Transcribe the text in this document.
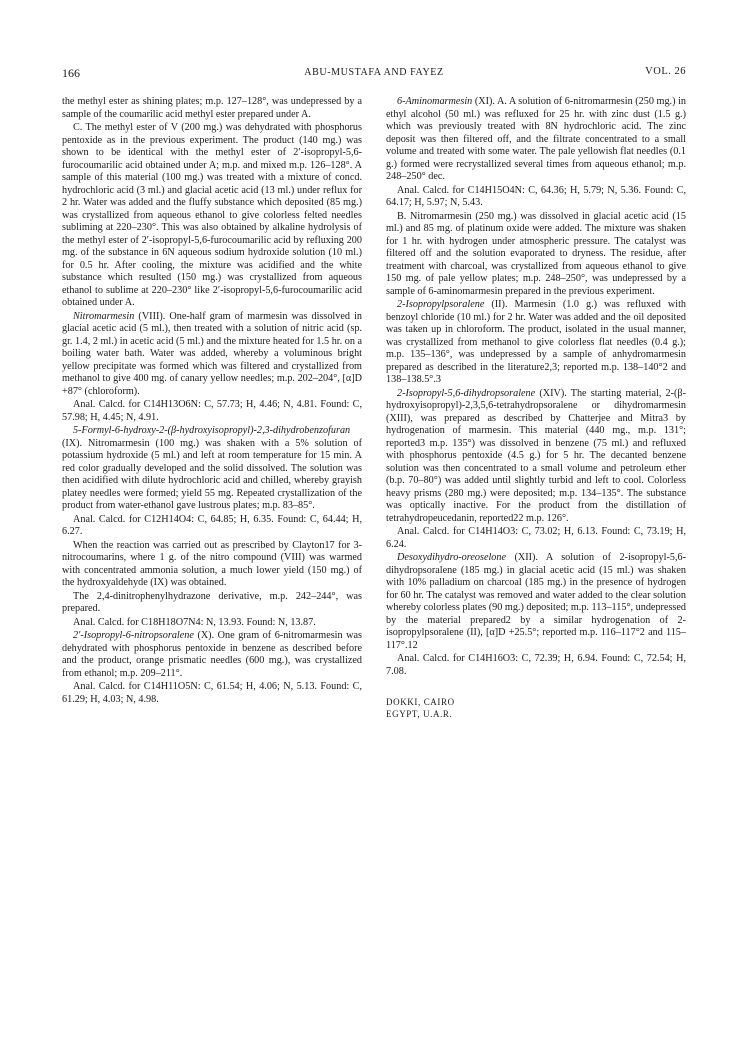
166	ABU-MUSTAFA AND FAYEZ	VOL. 26

the methyl ester as shining plates; m.p. 127–128°, was undepressed by a sample of the coumarilic acid methyl ester prepared under A.

C. The methyl ester of V (200 mg.) was dehydrated with phosphorus pentoxide as in the previous experiment. The product (140 mg.) was shown to be identical with the methyl ester of 2′-isopropyl-5,6-furocoumarilic acid obtained under A; m.p. and mixed m.p. 126–128°. A sample of this material (100 mg.) was treated with a mixture of concd. hydrochloric acid (3 ml.) and glacial acetic acid (13 ml.) under reflux for 2 hr. Water was added and the fluffy substance which deposited (85 mg.) was crystallized from aqueous ethanol to give colorless felted needles subliming at 220–230°. This was also obtained by alkaline hydrolysis of the methyl ester of 2′-isopropyl-5,6-furocoumarilic acid by refluxing 200 mg. of the substance in 6N aqueous sodium hydroxide solution (10 ml.) for 0.5 hr. After cooling, the mixture was acidified and the white substance which resulted (150 mg.) was crystallized from aqueous ethanol to sublime at 220–230° like 2′-isopropyl-5,6-furocoumarilic acid obtained under A.

Nitromarmesin (VIII). One-half gram of marmesin was dissolved in glacial acetic acid (5 ml.), then treated with a solution of nitric acid (sp. gr. 1.4, 2 ml.) in acetic acid (5 ml.) and the mixture heated for 1.5 hr. on a boiling water bath. Water was added, whereby a voluminous bright yellow precipitate was formed which was filtered and crystallized from methanol to give 400 mg. of canary yellow needles; m.p. 202–204°, [α]D +87° (chloroform).

Anal. Calcd. for C14H13O6N: C, 57.73; H, 4.46; N, 4.81. Found: C, 57.98; H, 4.45; N, 4.91.

5-Formyl-6-hydroxy-2-(β-hydroxyisopropyl)-2,3-dihydrobenzofuran (IX). Nitromarmesin (100 mg.) was shaken with a 5% solution of potassium hydroxide (5 ml.) and left at room temperature for 15 min. A red color gradually developed and the solid dissolved. The solution was then acidified with dilute hydrochloric acid and chilled, whereby grayish platey needles were formed; yield 55 mg. Repeated crystallization of the product from water-ethanol gave lustrous plates; m.p. 83–85°.

Anal. Calcd. for C12H14O4: C, 64.85; H, 6.35. Found: C, 64.44; H, 6.27.

When the reaction was carried out as prescribed by Clayton17 for 3-nitrocoumarins, where 1 g. of the nitro compound (VIII) was warmed with concentrated ammonia solution, a much lower yield (150 mg.) of the hydroxyaldehyde (IX) was obtained.

The 2,4-dinitrophenylhydrazone derivative, m.p. 242–244°, was prepared.

Anal. Calcd. for C18H18O7N4: N, 13.93. Found: N, 13.87.

2′-Isopropyl-6-nitropsoralene (X). One gram of 6-nitromarmesin was dehydrated with phosphorus pentoxide in benzene as described before and the product, orange prismatic needles (600 mg.), was crystallized from ethanol; m.p. 209–211°.

Anal. Calcd. for C14H11O5N: C, 61.54; H, 4.06; N, 5.13. Found: C, 61.29; H, 4.03; N, 4.98.

6-Aminomarmesin (XI). A. A solution of 6-nitromarmesin (250 mg.) in ethyl alcohol (50 ml.) was refluxed for 25 hr. with zinc dust (1.5 g.) which was previously treated with 8N hydrochloric acid. The zinc deposit was then filtered off, and the filtrate concentrated to a small volume and treated with some water. The pale yellowish flat needles (0.1 g.) formed were recrystallized several times from aqueous ethanol; m.p. 248–250° dec.

Anal. Calcd. for C14H15O4N: C, 64.36; H, 5.79; N, 5.36. Found: C, 64.17; H, 5.97; N, 5.43.

B. Nitromarmesin (250 mg.) was dissolved in glacial acetic acid (15 ml.) and 85 mg. of platinum oxide were added. The mixture was shaken for 1 hr. with hydrogen under atmospheric pressure. The catalyst was filtered off and the solution evaporated to dryness. The residue, after treatment with charcoal, was crystallized from aqueous ethanol to give 150 mg. of pale yellow plates; m.p. 248–250°, was undepressed by a sample of 6-aminomarmesin prepared in the previous experiment.

2-Isopropylpsoralene (II). Marmesin (1.0 g.) was refluxed with benzoyl chloride (10 ml.) for 2 hr. Water was added and the oil deposited was taken up in chloroform. The product, isolated in the usual manner, was crystallized from methanol to give colorless flat needles (0.4 g.); m.p. 135–136°, was undepressed by a sample of anhydromarmesin prepared as described in the literature2,3; reported m.p. 138–140°2 and 138–138.5°.3

2-Isopropyl-5,6-dihydropsoralene (XIV). The starting material, 2-(β-hydroxyisopropyl)-2,3,5,6-tetrahydropsoralene or dihydromarmesin (XIII), was prepared as described by Chatterjee and Mitra3 by hydrogenation of marmesin. This material (440 mg., m.p. 131°; reported3 m.p. 135°) was dissolved in benzene (75 ml.) and refluxed with phosphorus pentoxide (4.5 g.) for 5 hr. The decanted benzene solution was then concentrated to a small volume and petroleum ether (b.p. 70–80°) was added until slightly turbid and left to cool. Colorless heavy prisms (280 mg.) were deposited; m.p. 134–135°. The substance was optically inactive. For the product from the distillation of tetrahydropeucedanin, reported22 m.p. 126°.

Anal. Calcd. for C14H14O3: C, 73.02; H, 6.13. Found: C, 73.19; H, 6.24.

Desoxydihydro-oreoselone (XII). A solution of 2-isopropyl-5,6-dihydropsoralene (185 mg.) in glacial acetic acid (15 ml.) was shaken with 10% palladium on charcoal (185 mg.) in the presence of hydrogen for 60 hr. The catalyst was removed and water added to the clear solution whereby colorless plates (90 mg.) deposited; m.p. 113–115°, undepressed by the material prepared2 by a similar hydrogenation of 2-isopropylpsoralene (II), [α]D +25.5°; reported m.p. 116–117°2 and 115–117°.12

Anal. Calcd. for C14H16O3: C, 72.39; H, 6.94. Found: C, 72.54; H, 7.08.

DOKKI, CAIRO
EGYPT, U.A.R.
